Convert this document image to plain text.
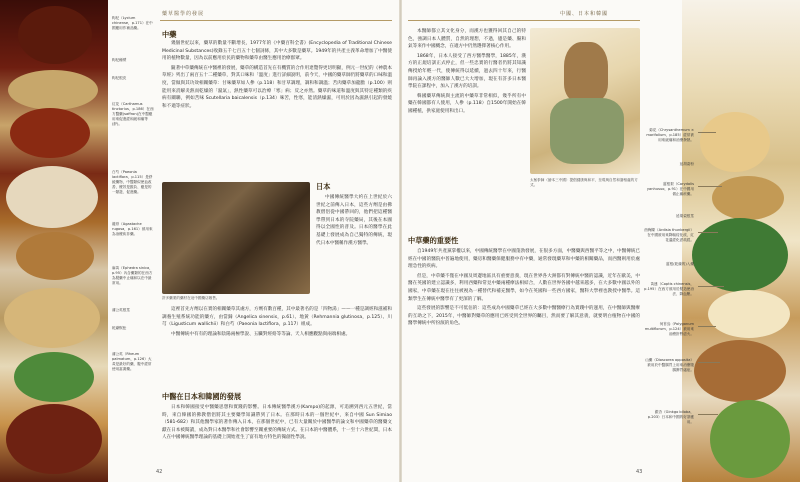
枸杞（Lycium chinense，p.171）在中國應用作補品藥。
枸杞種漿
枸杞根皮
紅花（Carthamus tinctorius，p.186）在西方醫藥(saffron)在中醫應用來促進經和緩和痛等(舒)。
白芍（Paeonia lactiflora，p.115）是舒緩藥物，中醫類似使血改善，療效是擔負、應是的一類滋、促進藥。
龍骨（Agastache rugosa，p.161）被用來為治療疾非藥。
麻黃（Ephedra sinica，p.95）內含藥類的在西方為製藥中止痛和以在中最常用。
蒲公英根莖
乾燥蜈蚣
蒲公英（Rheum palmatum，p.126）大黃是最好的藥，腹中經常使用當瀉藥。
藥草醫學的發展
中藥

幾個世紀以來，藥草的數量不斷增長，1977年的《中藥百科全書》(Encyclopedia of Traditional Chinese Medicinal Substances)收錄五千七百五十七個詞條，其中大多數是藥草。1949年的共產主義革命增加了中醫使用的植物數量，因為以前應用於民的藥物和藥草由醫生應用治療群眾。

隨著中草藥傳統在中醫裡的發展，藥草的構造首先在有機質的合作用達覽得更切明顯，例元一世紀的《神農本草經》列出了兩百五十二種藥草，對其口味和「溫度」進行詳細說明，前今天，中國的藥草師仍將藥草的口味和溫度，當做與其功效相關藥草：甘味藥草如人參（p.118）和甘草調理，調和和調溫；苦肉藥草加龍膽（p.100）則能用來消解炎熱而乾燥的「濕氣」，熱性藥草可以治療「寒」病；反之亦然。藥草的味道和溫度與其特定種類的疾病有關聯，例如苦味 Scutellaria baicalensis（p.134）味苦，性寒，能清熱燥濕，可用於因為濕熱引起的發燒和不適等症狀。

許多藥業的藥材在這中國藥店販售。
日本

中國傳統醫學大約在上世紀於六世紀之前傳入日本，這些方劑是由佛教僧侶從中國帶回的，他們把這種醫學帶到日本的寺院藥局，其後在本國得以全國性的普及。日本的醫學在此基礎上發展成為自己獨特的傳統，現代日本中醫稱作漢方醫學。

這裡首先方劑以在實的相關藥草其處方，方劑有數百種，其中最著名的是「四物湯」——一種是調經和滋補和調養生殖系統功能的藥方，由當歸（Angelica sinensis，p.61）、地黃（Rehmannia glutinosa，p.125）、川芎（Ligusticum wallichii）和白芍（Paeonia lactiflora，p.117）組成。

中醫傳統中有有的理論和陰陽兩極學說、五臟對經絡等等論、天人相應觀點與兩端相處。

中醫在日本和韓國的發展

日本和韓國接受中醫藥思想和實踐的影響。日本傳統醫學漢方(Kampo)的起源，可追溯到西元五世紀，當時，來自韓國的佛教僧侶將其主要藥學知識帶到了日本。在那時日本的一個世紀中，來自中國 Sun Simiao（581-682）和其他醫學家的著作傳入日本，在那個世紀中，已有大量關於中國醫學的論文和中國藥草的醫藥文獻在日本被閱讀，成為對日本醫學和社會影響至關重要的傳統方式。在日本的中醫體系，十一至十六世紀間，日本人在中國傳統醫學理論的基礎上開始產生了富有地方特色的獨創性學說。

42
中國、日本和韓國

本醫師都立其文化身分，而漢方也獲得回其自己的特色，強調日本人體質，自然的理想，不過，儘是藥、腸和氣等來作中國概念，在適方中仍然選擇著核心作用。

1868年，日本人接受了西方醫學醫學，1885年，漢方的正規培訓正式停止，但一些忠實的行醫者仍將其知識傳授給年輕一代，使傳統得以延續，過去四十年來，行醫師再論入漢方的醫師人數已大大增加，現在有許多日本醫學院在課程中，加入了漢方的培訓。

韓國藥草傳統與主流的中藥草非常相似，幾乎所有中藥在韓國都有人使用，人參（p.118）自1500年開始在韓國種植，供家庭使用和出口。

太極拳師（繪本三中國）提倡健康與和平，呈現與自然和諧相處的方式。
中草藥的重要性

自1949年共產黨掌權以來，中國傳統醫學在中國蓬勃發展，在很多方面，中醫藥與西醫平等之中，中醫傳統已經在中國的醫院中普遍地使用，藥房和醫藥保健服務中有中藥，通常發現藥草和中藥的相關藥品，而西醫則用於處理急性的疾病。

但是，中草藥不僅在中國及周邊地區具有重要意義，現在世界各大洲都有對傳統中醫的認識，近年在歐美，中醫在英國的建立認識多，利用西藥和常見中藥兩種療法相結合，人數在世界各國中越來越多，在大多數中國以外的國家，中草藥在現在往往被視為一種替代和補充醫學，如今在英國和一些西方國家，醫科大學裡也教授中醫學。這類學生在傳統中醫學有了更深的了解。

這些發展的影響是不可低估的：這些成為中國藥草已經在大多數中醫醫療行為實踐中的運用，在中醫師與醫療的互助之下，2015年，中醫師對藥草的應用已經受到全世界的矚目，然而要了解其意義，就要明白植物在中國的醫學傳統中所扮演的角色。

43
菊花（Chrysanthemum × morifolium，p.185）經常被用來緩痛和治療發熱。
延胡索粉
薑根梨（Corydalis yanhusuo，p.91）在中國用做止痛瘀藥。
延胡索根莖
茵梅陳（Ardisia thunbergii）在中國被用來降嘔疫化痰，紅花溫經化淤疏經。
薑根(乾燥的)入藥
黃連（Coptis chinensis，p.195）在西方被用於製造使治法、降血壓。
何首烏（Polygonum multiflorum，p.124）被用來治療肝腎虛火。
山藥（Dioscorea opposita）被用於中醫腸胃上用來治療腹腸脾胃處症。
銀杏（Ginkgo biloba，p.203）日本和中國的好茶應用。
